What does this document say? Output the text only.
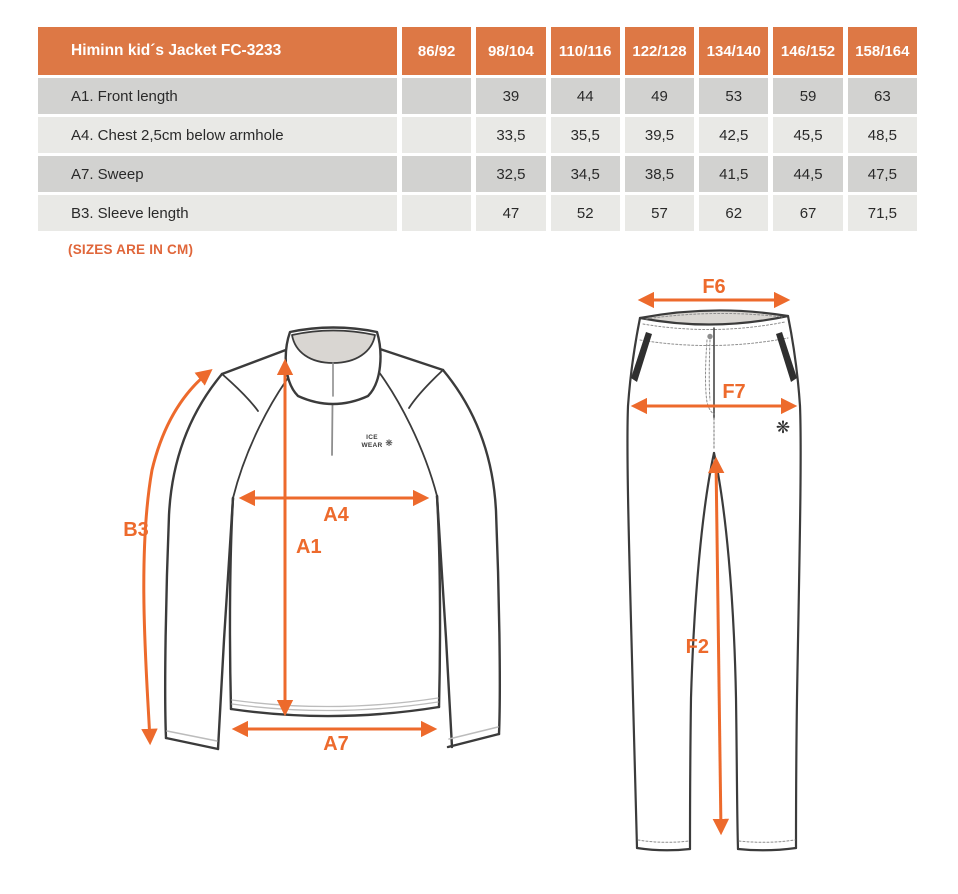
Himinn kid´s Jacket FC-3233	86/92	98/104	110/116	122/128	134/140	146/152	158/164
A1. Front length		39	44	49	53	59	63
A4. Chest 2,5cm below armhole		33,5	35,5	39,5	42,5	45,5	48,5
A7. Sweep		32,5	34,5	38,5	41,5	44,5	47,5
B3. Sleeve length		47	52	57	62	67	71,5
(SIZES ARE IN CM)
ICE
WEAR ❋
B3
A1
A4
A7
❋
F6
F7
F2
